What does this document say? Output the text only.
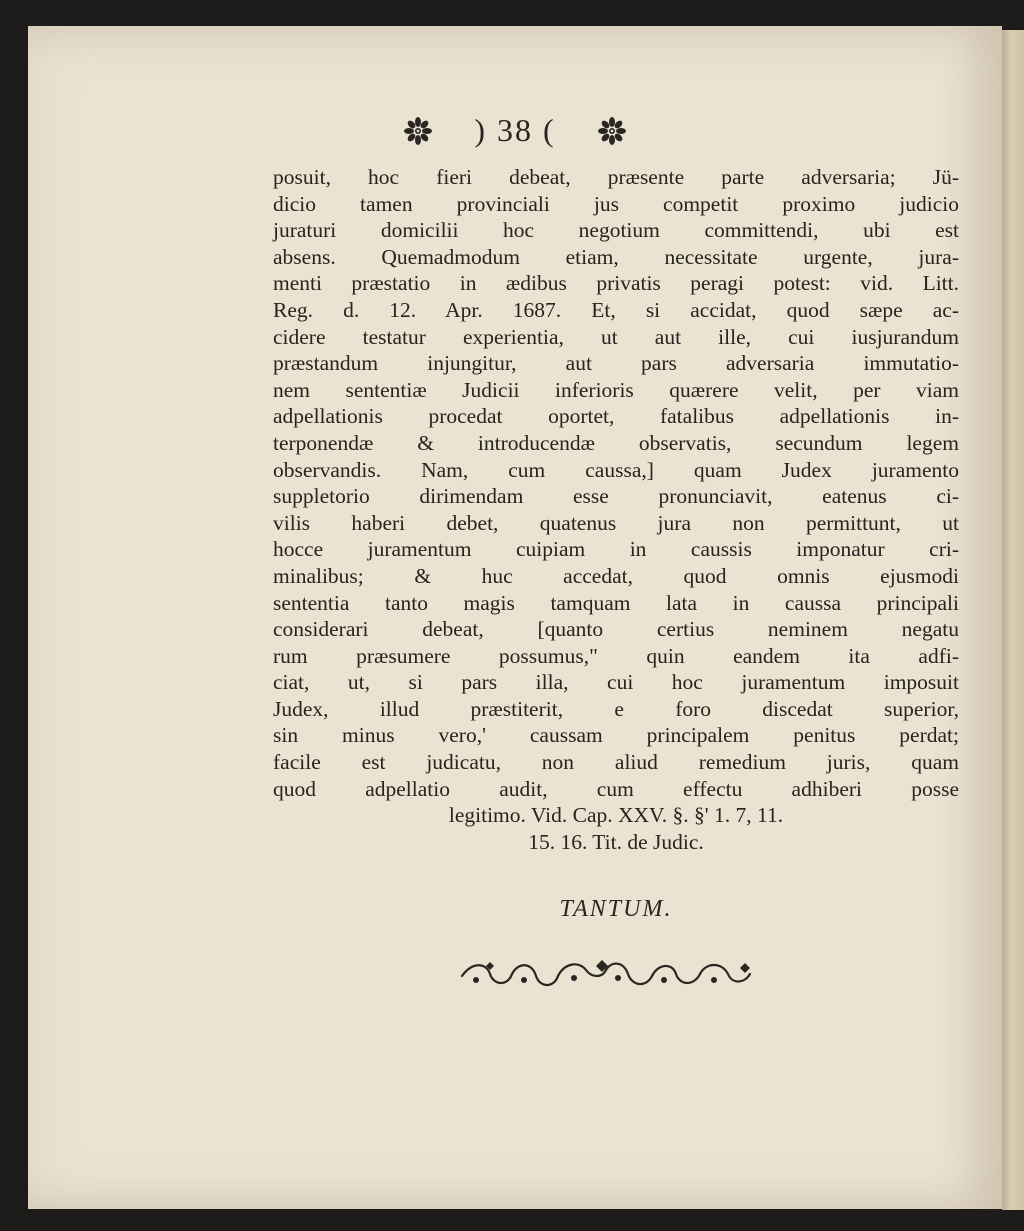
) 38 (
posuit, hoc fieri debeat, præsente parte adversaria; Jü-
dicio tamen provinciali jus competit proximo judicio
juraturi domicilii hoc negotium committendi, ubi est
absens. Quemadmodum etiam, necessitate urgente, jura-
menti præstatio in ædibus privatis peragi potest: vid. Litt.
Reg. d. 12. Apr. 1687. Et, si accidat, quod sæpe ac-
cidere testatur experientia, ut aut ille, cui iusjurandum
præstandum injungitur, aut pars adversaria immutatio-
nem sententiæ Judicii inferioris quærere velit, per viam
adpellationis procedat oportet, fatalibus adpellationis in-
terponendæ & introducendæ observatis, secundum legem
observandis. Nam, cum caussa,] quam Judex juramento
suppletorio dirimendam esse pronunciavit, eatenus ci-
vilis haberi debet, quatenus jura non permittunt, ut
hocce juramentum cuipiam in caussis imponatur cri-
minalibus; & huc accedat, quod omnis ejusmodi
sententia tanto magis tamquam lata in caussa principali
considerari debeat, [quanto certius neminem negatu
rum præsumere possumus," quin eandem ita adfi-
ciat, ut, si pars illa, cui hoc juramentum imposuit
Judex, illud præstiterit, e foro discedat superior,
sin minus vero,' caussam principalem penitus perdat;
facile est judicatu, non aliud remedium juris, quam
quod adpellatio audit, cum effectu adhiberi posse
legitimo. Vid. Cap. XXV. §. §' 1. 7, 11.
15. 16. Tit. de Judic.
TANTUM.
